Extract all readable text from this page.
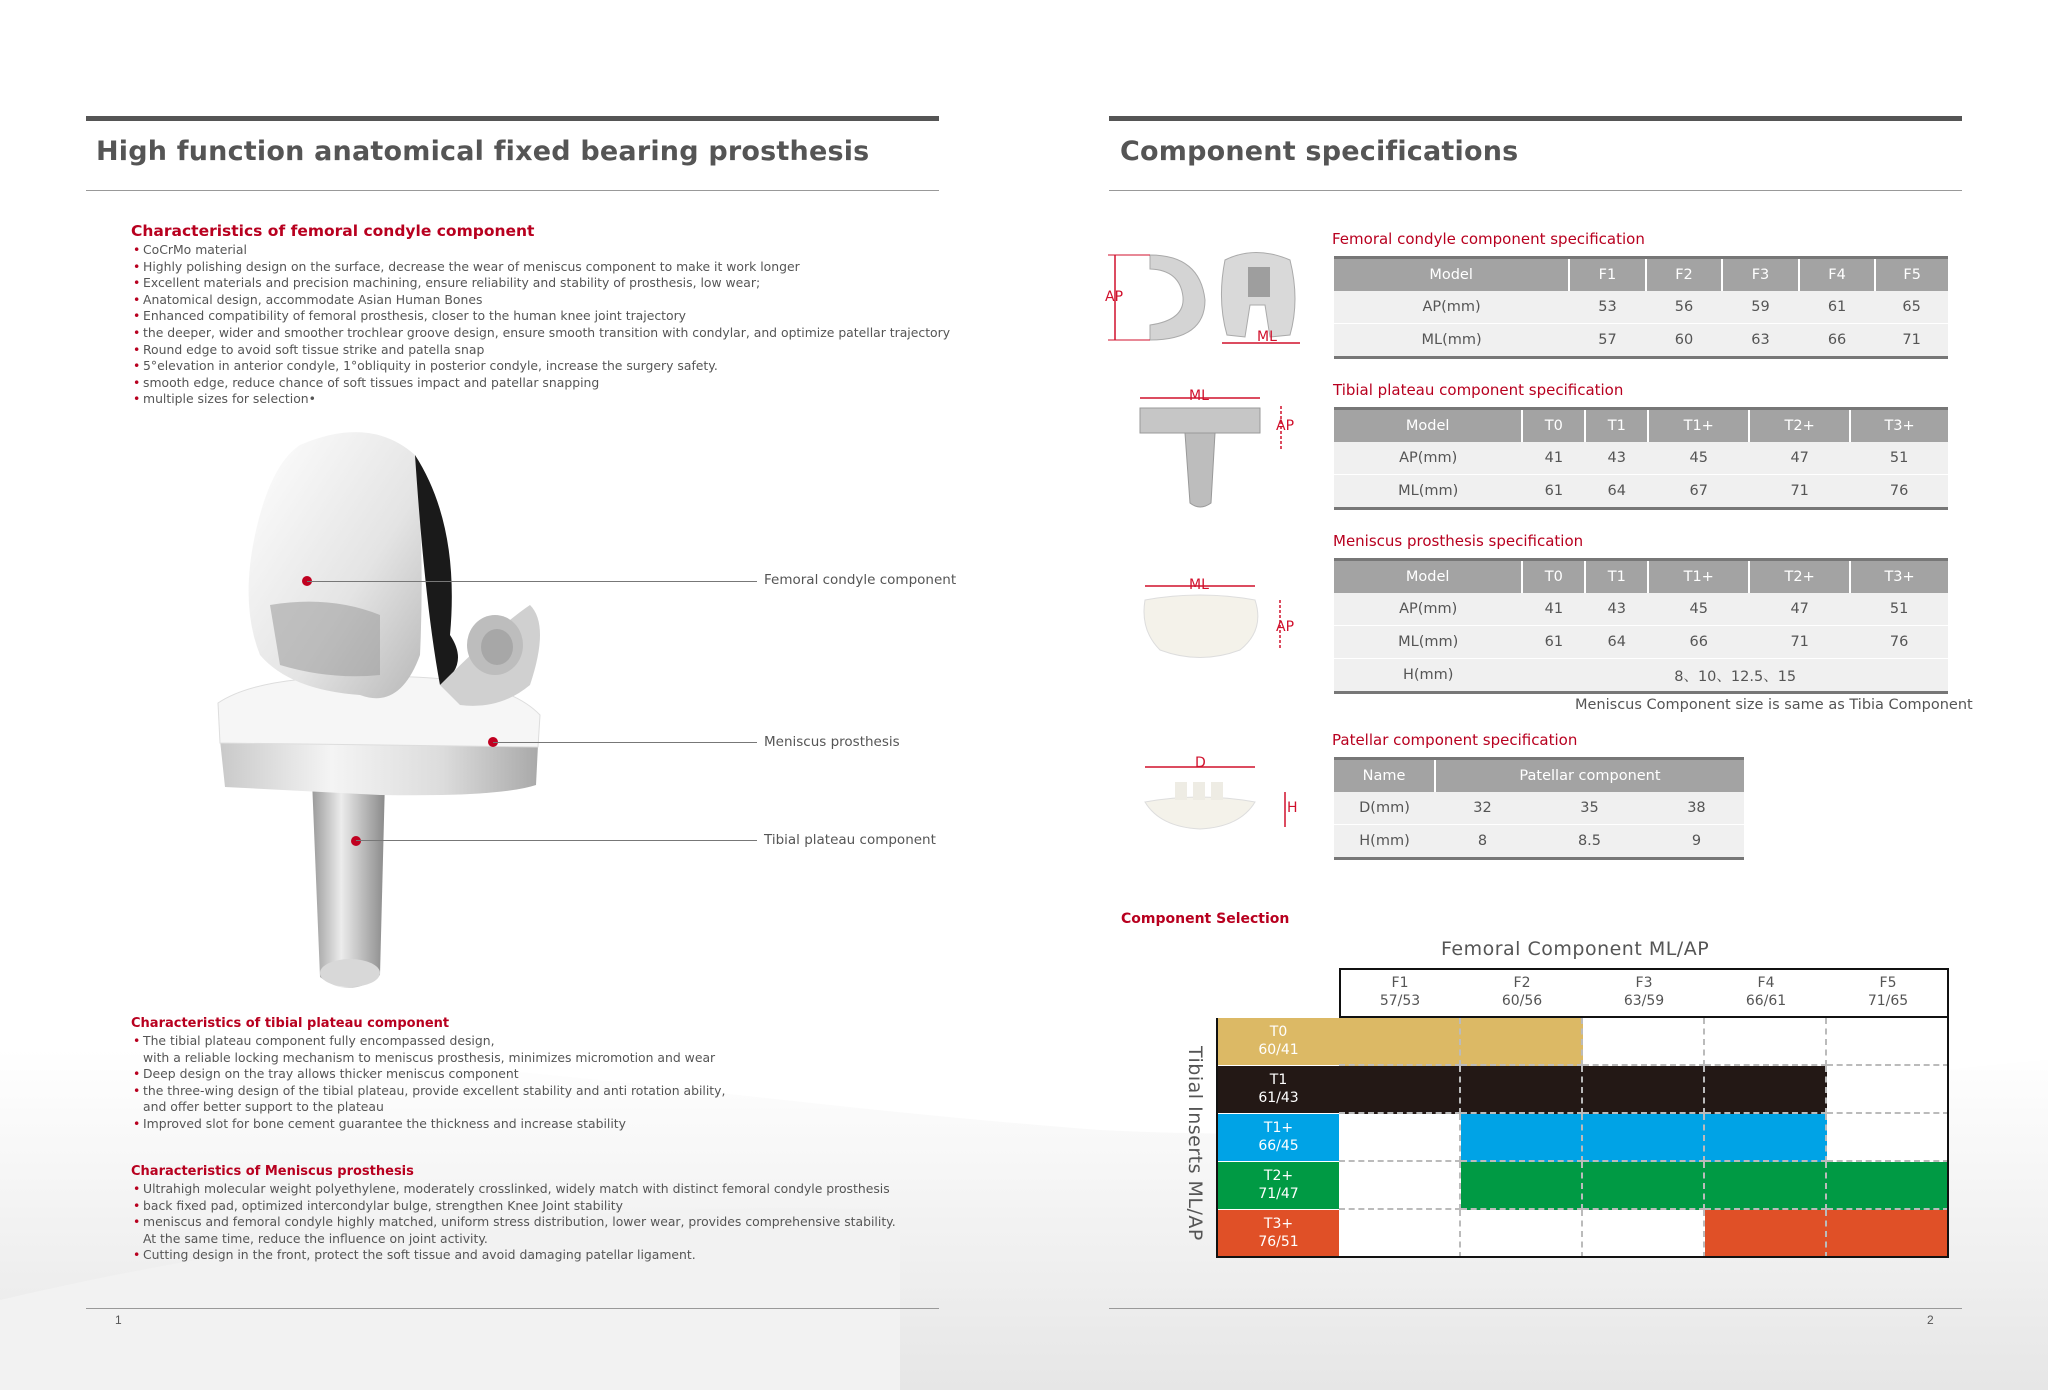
High function anatomical fixed bearing prosthesis
Characteristics of femoral condyle component
• CoCrMo material
• Highly polishing design on the surface, decrease the wear of meniscus component to make it work longer
• Excellent materials and precision machining, ensure reliability and stability of prosthesis, low wear;
• Anatomical design, accommodate Asian Human Bones
• Enhanced compatibility of femoral prosthesis, closer to the human knee joint trajectory
• the deeper, wider and smoother trochlear groove design, ensure smooth transition with condylar, and optimize patellar trajectory
• Round edge to avoid soft tissue strike and patella snap
• 5°elevation in anterior condyle, 1°obliquity in posterior condyle, increase the surgery safety.
• smooth edge, reduce chance of soft tissues impact and patellar snapping
• multiple sizes for selection•
Femoral condyle component
Meniscus prosthesis
Tibial plateau component
Characteristics of tibial plateau component
• The tibial plateau component fully encompassed design,
with a reliable locking mechanism to meniscus prosthesis, minimizes micromotion and wear
• Deep design on the tray allows thicker meniscus component
• the three-wing design of the tibial plateau, provide excellent stability and anti rotation ability,
and offer better support to the plateau
• Improved slot for bone cement guarantee the thickness and increase stability
Characteristics of Meniscus prosthesis
• Ultrahigh molecular weight polyethylene, moderately crosslinked, widely match with distinct femoral condyle prosthesis
• back fixed pad, optimized intercondylar bulge, strengthen Knee Joint stability
• meniscus and femoral condyle highly matched, uniform stress distribution, lower wear, provides comprehensive stability.
At the same time, reduce the influence on joint activity.
• Cutting design in the front, protect the soft tissue and avoid damaging patellar ligament.
1
Component specifications
AP
ML
ML
AP
ML
AP
D
H
Femoral condyle component specification
Model	F1	F2	F3	F4	F5
AP(mm)	53	56	59	61	65
ML(mm)	57	60	63	66	71
Tibial plateau component specification
Model	T0	T1	T1+	T2+	T3+
AP(mm)	41	43	45	47	51
ML(mm)	61	64	67	71	76
Meniscus prosthesis specification
Model	T0	T1	T1+	T2+	T3+
AP(mm)	41	43	45	47	51
ML(mm)	61	64	66	71	76
H(mm)	8、10、12.5、15				
Meniscus Component size is same as Tibia Component
Patellar component specification
Name	Patellar component		
D(mm)	32	35	38
H(mm)	8	8.5	9
Component Selection
Femoral Component ML/AP
Tibial Inserts ML/AP
F1
57/53
F2
60/56
F3
63/59
F4
66/61
F5
71/65
T0
60/41
T1
61/43
T1+
66/45
T2+
71/47
T3+
76/51
2
